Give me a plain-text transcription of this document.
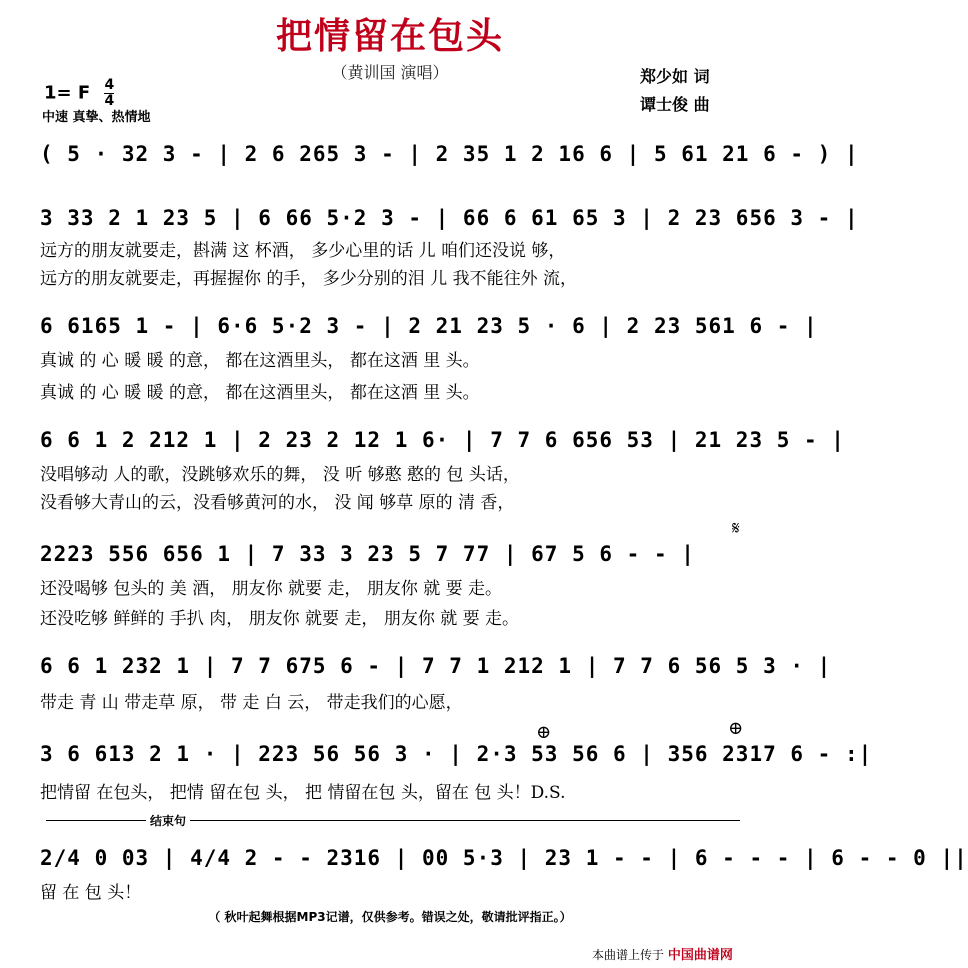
把情留在包头
（黄训国 演唱）
1= F $\frac{4}{4}$
中速 真挚、热情地
郑少如 词
谭士俊 曲
( 5 · 32 3 - | 2 6 265 3 - | 2 35 1 2 16 6 | 5 61 21 6 - ) |
3 33 2 1 23 5 | 6 66 5·2 3 - | 66 6 61 65 3 | 2 23 656 3 - |
远方的朋友就要走，斟满 这 杯酒， 多少心里的话 儿 咱们还没说 够，
远方的朋友就要走，再握握你 的手， 多少分别的泪 儿 我不能往外 流，
6 6165 1 - | 6·6 5·2 3 - | 2 21 23 5 · 6 | 2 23 561 6 - |
真诚 的 心 暖 暖 的意， 都在这酒里头， 都在这酒 里 头。
真诚 的 心 暖 暖 的意， 都在这酒里头， 都在这酒 里 头。
6 6 1 2 212 1 | 2 23 2 12 1 6· | 7 7 6 656 53 | 21 23 5 - |
没唱够动 人的歌，没跳够欢乐的舞， 没 听 够憨 憨的 包 头话，
没看够大青山的云，没看够黄河的水， 没 闻 够草 原的 清 香，
𝄋
2223 556 656 1 | 7 33 3 23 5 7 77 | 67 5 6 - - |
还没喝够 包头的 美 酒， 朋友你 就要 走， 朋友你 就 要 走。
还没吃够 鲜鲜的 手扒 肉， 朋友你 就要 走， 朋友你 就 要 走。
6 6 1 232 1 | 7 7 675 6 - | 7 7 1 212 1 | 7 7 6 56 5 3 · |
带走 青 山 带走草 原， 带 走 白 云， 带走我们的心愿，
⊕	⊕
3 6 613 2 1 · | 223 56 56 3 · | 2·3 53 56 6 | 356 2317 6 - :|
把情留 在包头， 把情 留在包 头， 把 情留在包 头，留在 包 头！D.S.
结束句
2/4 0 03 | 4/4 2 - - 2316 | 00 5·3 | 23 1 - - | 6 - - - | 6 - - 0 ||
留 在 包 头！
（ 秋叶起舞根据MP3记谱，仅供参考。错误之处，敬请批评指正。）
本曲谱上传于 中国曲谱网
